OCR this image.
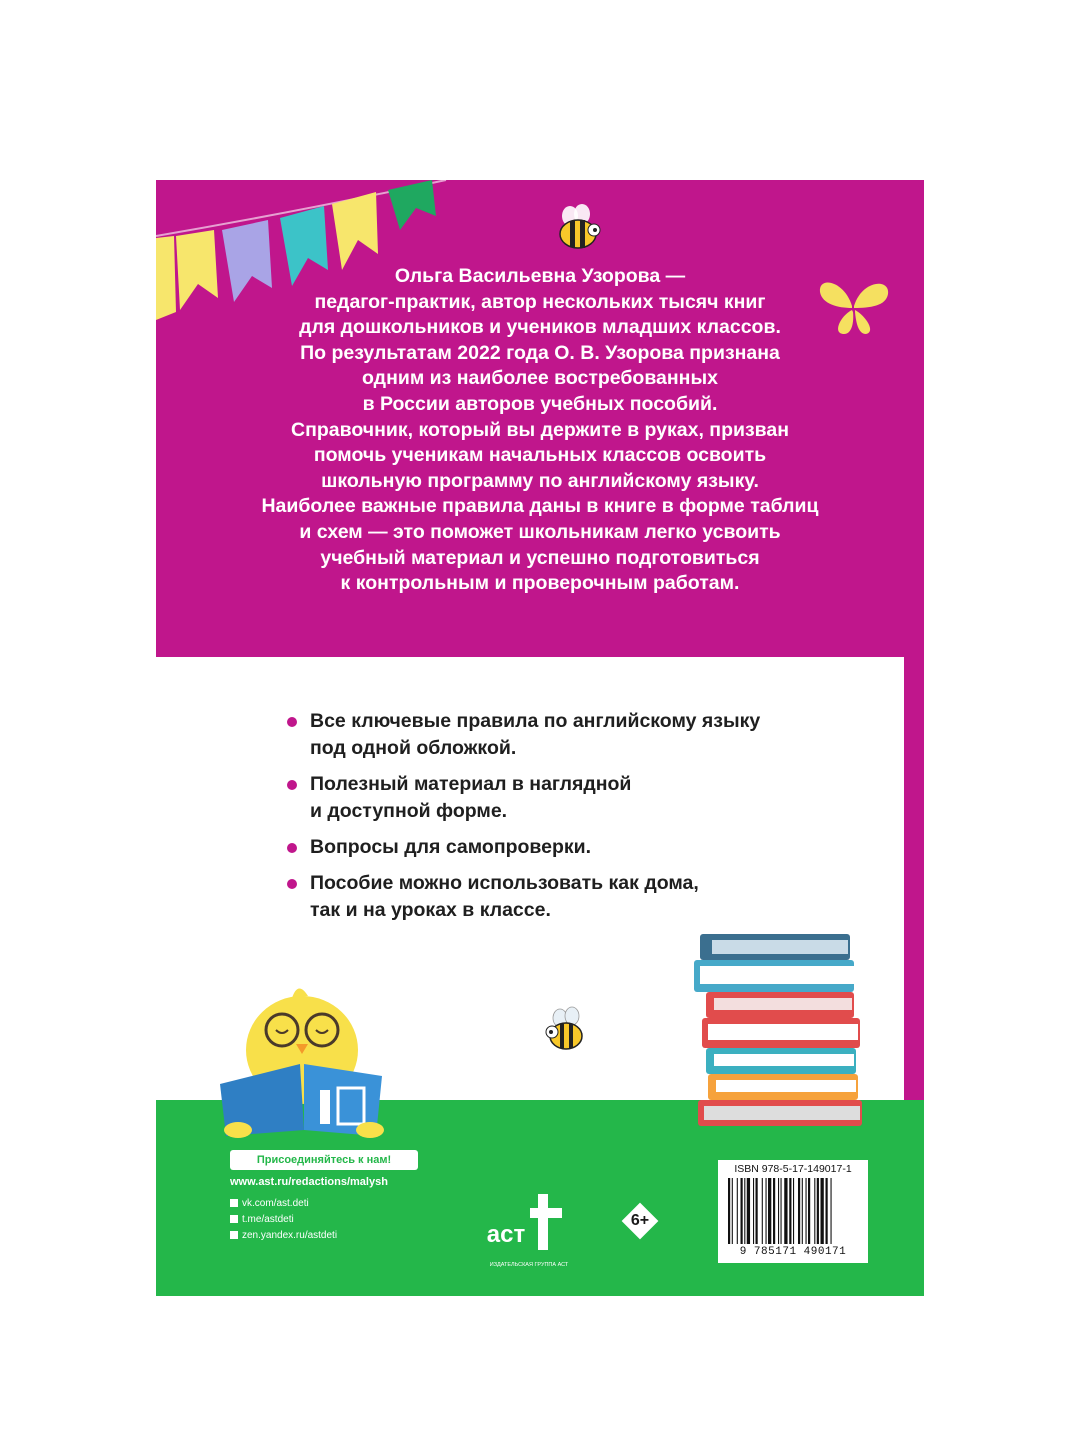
Ольга Васильевна Узорова —
педагог-практик, автор нескольких тысяч книг
для дошкольников и учеников младших классов.
По результатам 2022 года О. В. Узорова признана
одним из наиболее востребованных
в России авторов учебных пособий.
Справочник, который вы держите в руках, призван
помочь ученикам начальных классов освоить
школьную программу по английскому языку.
Наиболее важные правила даны в книге в форме таблиц
и схем — это поможет школьникам легко усвоить
учебный материал и успешно подготовиться
к контрольным и проверочным работам.
Все ключевые правила по английскому языку
под одной обложкой.
Полезный материал в наглядной
и доступной форме.
Вопросы для самопроверки.
Пособие можно использовать как дома,
так и на уроках в классе.
Присоединяйтесь к нам!
www.ast.ru/redactions/malysh
vk.com/ast.deti
t.me/astdeti
zen.yandex.ru/astdeti	аст
ИЗДАТЕЛЬСКАЯ ГРУППА АСТ
6+
ISBN 978-5-17-149017-1
9 785171 490171
